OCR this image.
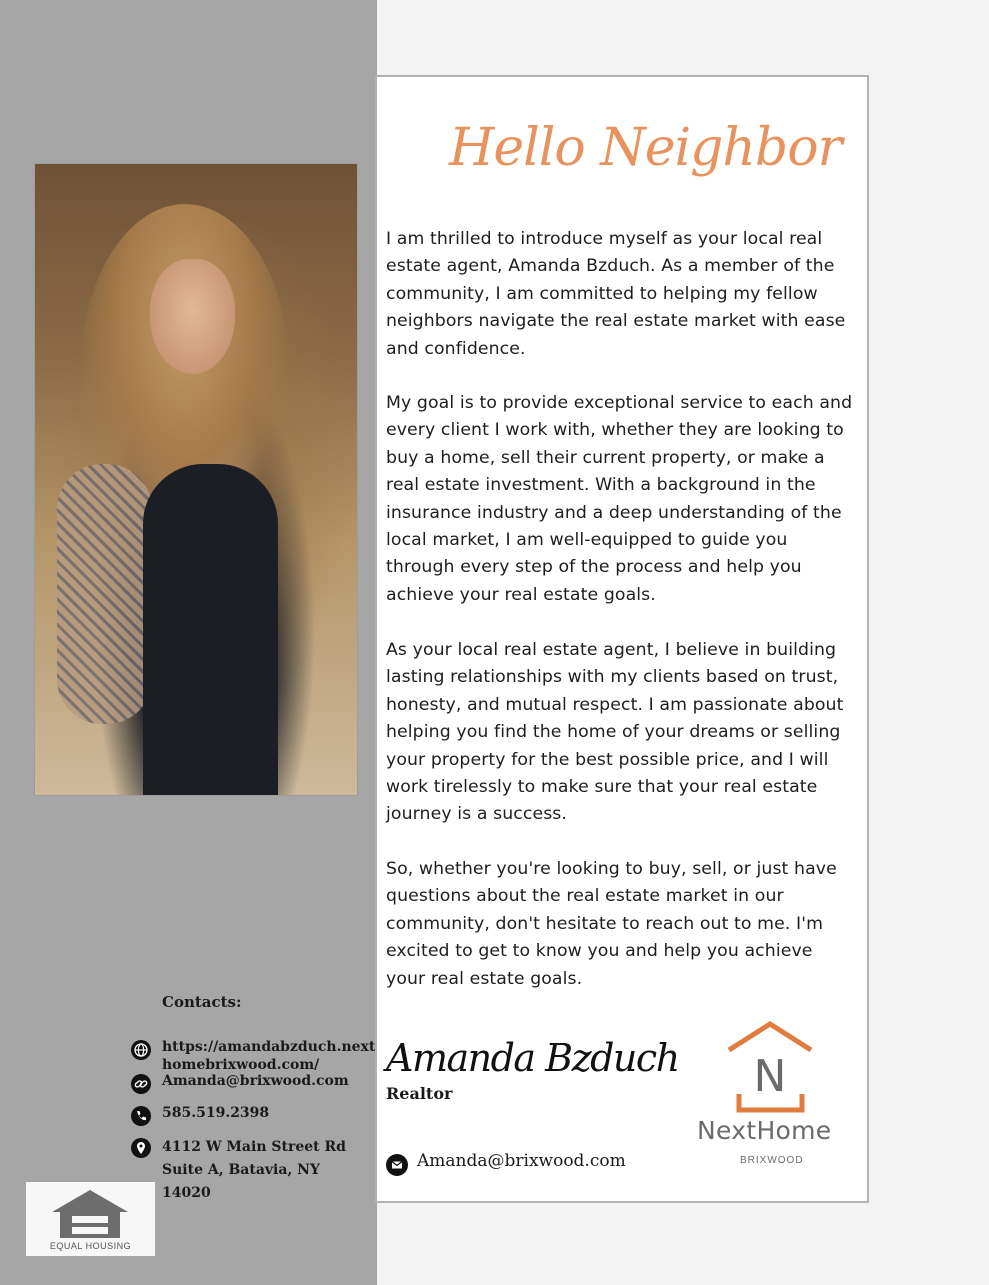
Contacts:
https://amandabzduch.next
homebrixwood.com/
Amanda@brixwood.com
585.519.2398
4112 W Main Street Rd
Suite A, Batavia, NY
14020
EQUAL HOUSING
Hello Neighbor

I am thrilled to introduce myself as your local real estate agent, Amanda Bzduch. As a member of the community, I am committed to helping my fellow neighbors navigate the real estate market with ease and confidence.

My goal is to provide exceptional service to each and every client I work with, whether they are looking to buy a home, sell their current property, or make a real estate investment. With a background in the insurance industry and a deep understanding of the local market, I am well-equipped to guide you through every step of the process and help you achieve your real estate goals.

As your local real estate agent, I believe in building lasting relationships with my clients based on trust, honesty, and mutual respect. I am passionate about helping you find the home of your dreams or selling your property for the best possible price, and I will work tirelessly to make sure that your real estate journey is a success.

So, whether you're looking to buy, sell, or just have questions about the real estate market in our community, don't hesitate to reach out to me. I'm excited to get to know you and help you achieve your real estate goals.

Amanda Bzduch
Realtor
Amanda@brixwood.com
N
NextHome
BRIXWOOD
